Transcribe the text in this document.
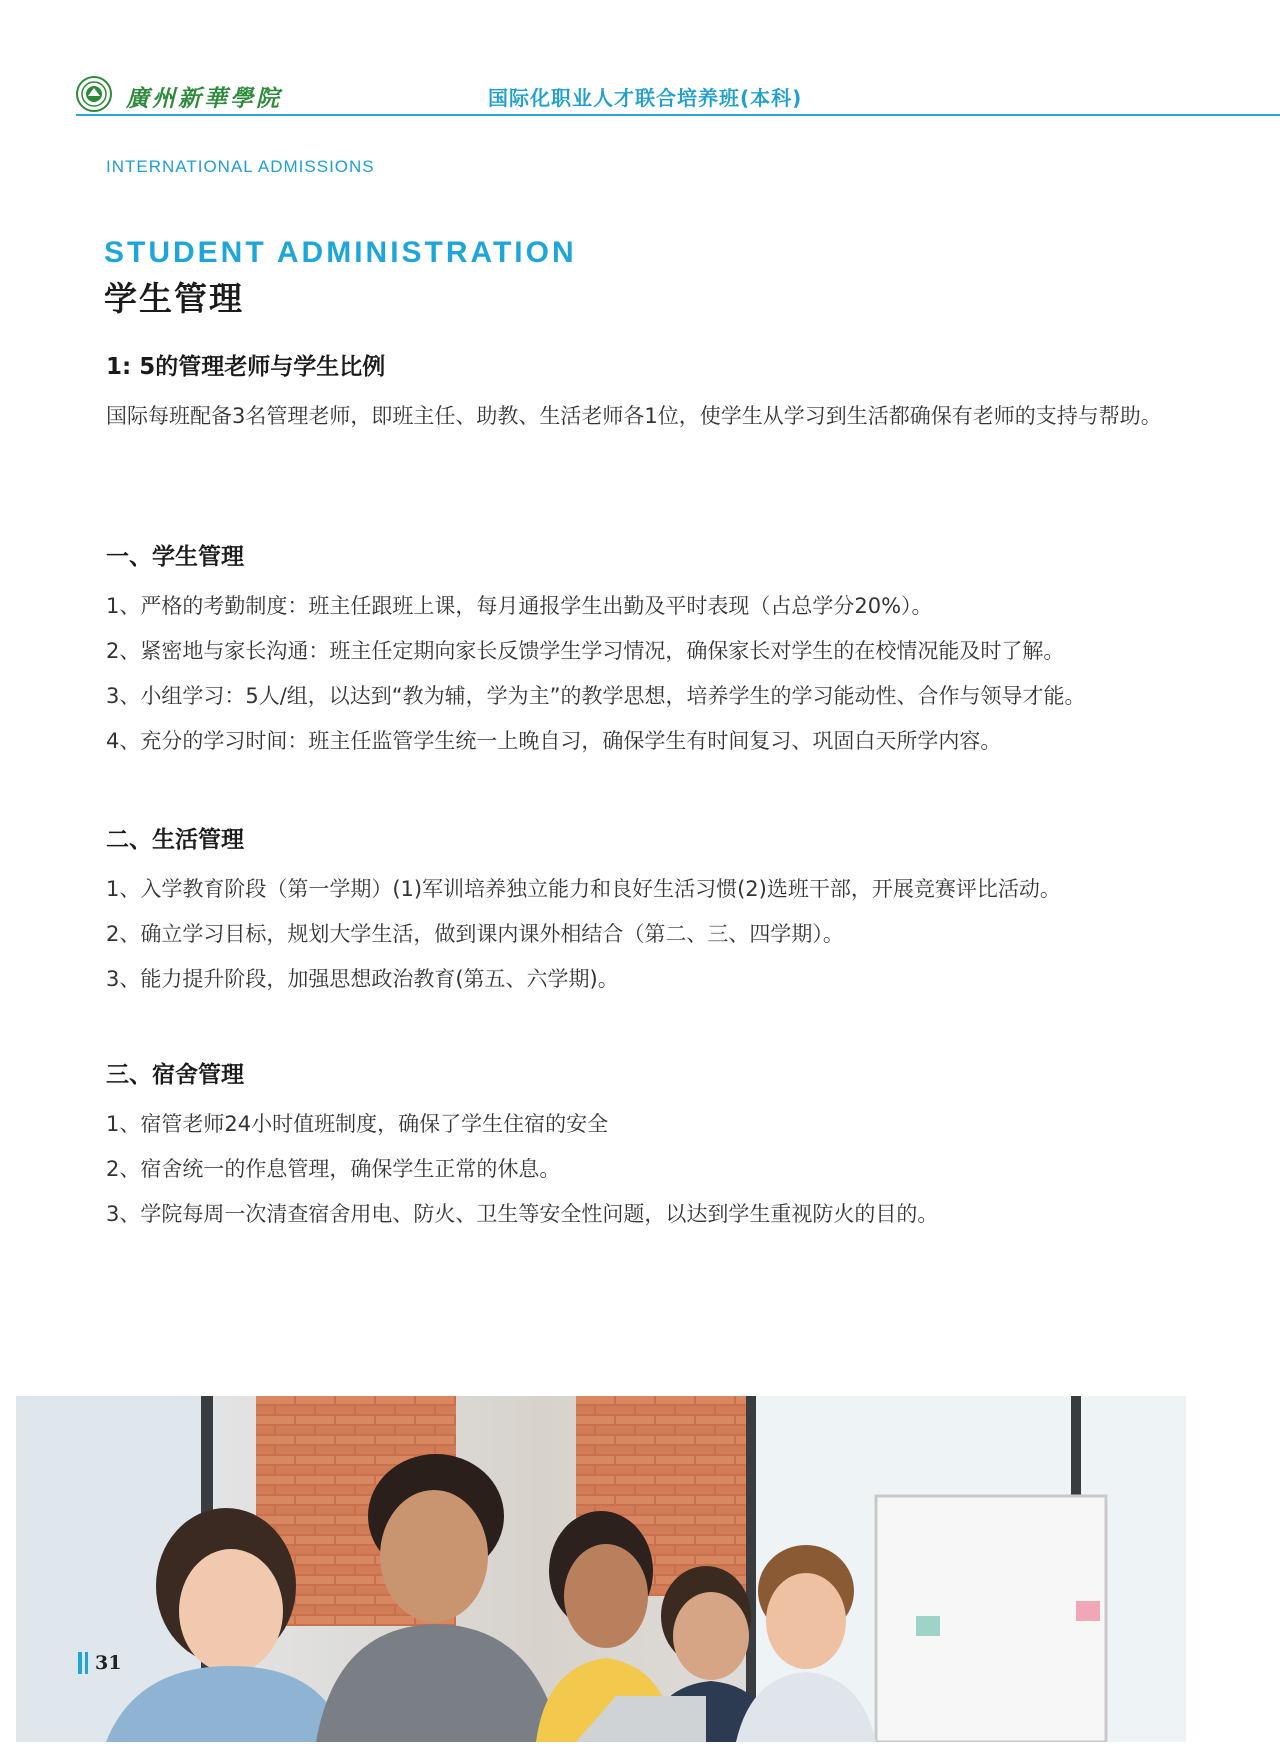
廣州新華學院	国际化职业人才联合培养班(本科)
INTERNATIONAL ADMISSIONS
STUDENT ADMINISTRATION
学生管理
1: 5的管理老师与学生比例

国际每班配备3名管理老师，即班主任、助教、生活老师各1位，使学生从学习到生活都确保有老师的支持与帮助。

一、学生管理
1、严格的考勤制度：班主任跟班上课，每月通报学生出勤及平时表现（占总学分20%）。
2、紧密地与家长沟通：班主任定期向家长反馈学生学习情况，确保家长对学生的在校情况能及时了解。
3、小组学习：5人/组，以达到“教为辅，学为主”的教学思想，培养学生的学习能动性、合作与领导才能。
4、充分的学习时间：班主任监管学生统一上晚自习，确保学生有时间复习、巩固白天所学内容。
二、生活管理
1、入学教育阶段（第一学期）(1)军训培养独立能力和良好生活习惯(2)选班干部，开展竞赛评比活动。
2、确立学习目标，规划大学生活，做到课内课外相结合（第二、三、四学期）。
3、能力提升阶段，加强思想政治教育(第五、六学期)。
三、宿舍管理
1、宿管老师24小时值班制度，确保了学生住宿的安全
2、宿舍统一的作息管理，确保学生正常的休息。
3、学院每周一次清查宿舍用电、防火、卫生等安全性问题，以达到学生重视防火的目的。
31
